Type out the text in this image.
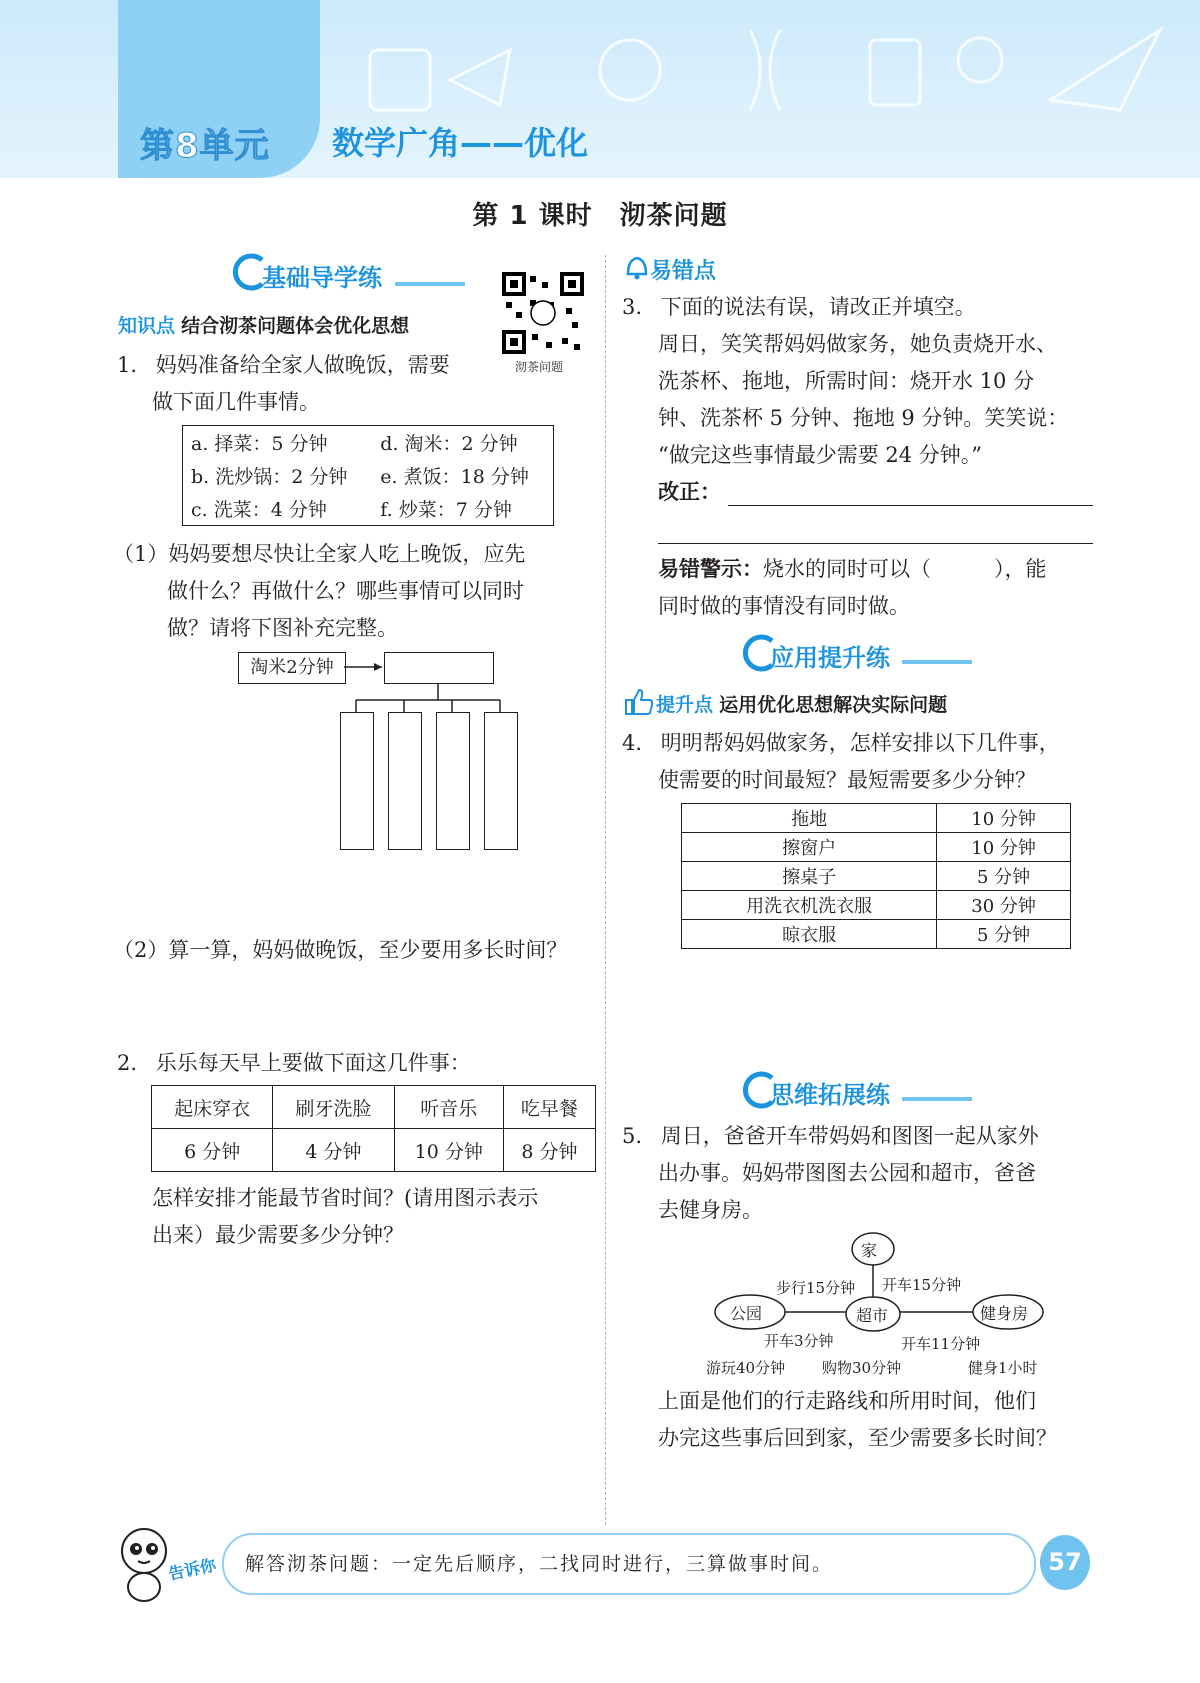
第8单元 数学广角——优化
第 1 课时　沏茶问题
基础导学练
沏茶问题
知识点 结合沏茶问题体会优化思想
1. 妈妈准备给全家人做晚饭，需要
做下面几件事情。
a. 择菜：5 分钟	d. 淘米：2 分钟
b. 洗炒锅：2 分钟	e. 煮饭：18 分钟
c. 洗菜：4 分钟	f. 炒菜：7 分钟
（1）妈妈要想尽快让全家人吃上晚饭，应先
做什么？再做什么？哪些事情可以同时
做？请将下图补充完整。
淘米2分钟
（2）算一算，妈妈做晚饭，至少要用多长时间？
2. 乐乐每天早上要做下面这几件事：
起床穿衣	刷牙洗脸	听音乐	吃早餐
6 分钟	4 分钟	10 分钟	8 分钟
怎样安排才能最节省时间？(请用图示表示
出来）最少需要多少分钟？
易错点
3. 下面的说法有误，请改正并填空。
周日，笑笑帮妈妈做家务，她负责烧开水、
洗茶杯、拖地，所需时间：烧开水 10 分
钟、洗茶杯 5 分钟、拖地 9 分钟。笑笑说：
“做完这些事情最少需要 24 分钟。”
改正：
易错警示：烧水的同时可以（　　　），能
同时做的事情没有同时做。
应用提升练
提升点 运用优化思想解决实际问题
4. 明明帮妈妈做家务，怎样安排以下几件事，
使需要的时间最短？最短需要多少分钟？
拖地	10 分钟
擦窗户	10 分钟
擦桌子	5 分钟
用洗衣机洗衣服	30 分钟
晾衣服	5 分钟
思维拓展练
5. 周日，爸爸开车带妈妈和图图一起从家外
出办事。妈妈带图图去公园和超市，爸爸
去健身房。
家
公园	超市	健身房
步行15分钟 开车15分钟
开车3分钟	开车11分钟
游玩40分钟 购物30分钟	健身1小时
上面是他们的行走路线和所用时间，他们
办完这些事后回到家，至少需要多长时间？
告诉你 解答沏茶问题：一定先后顺序，二找同时进行，三算做事时间。	57
